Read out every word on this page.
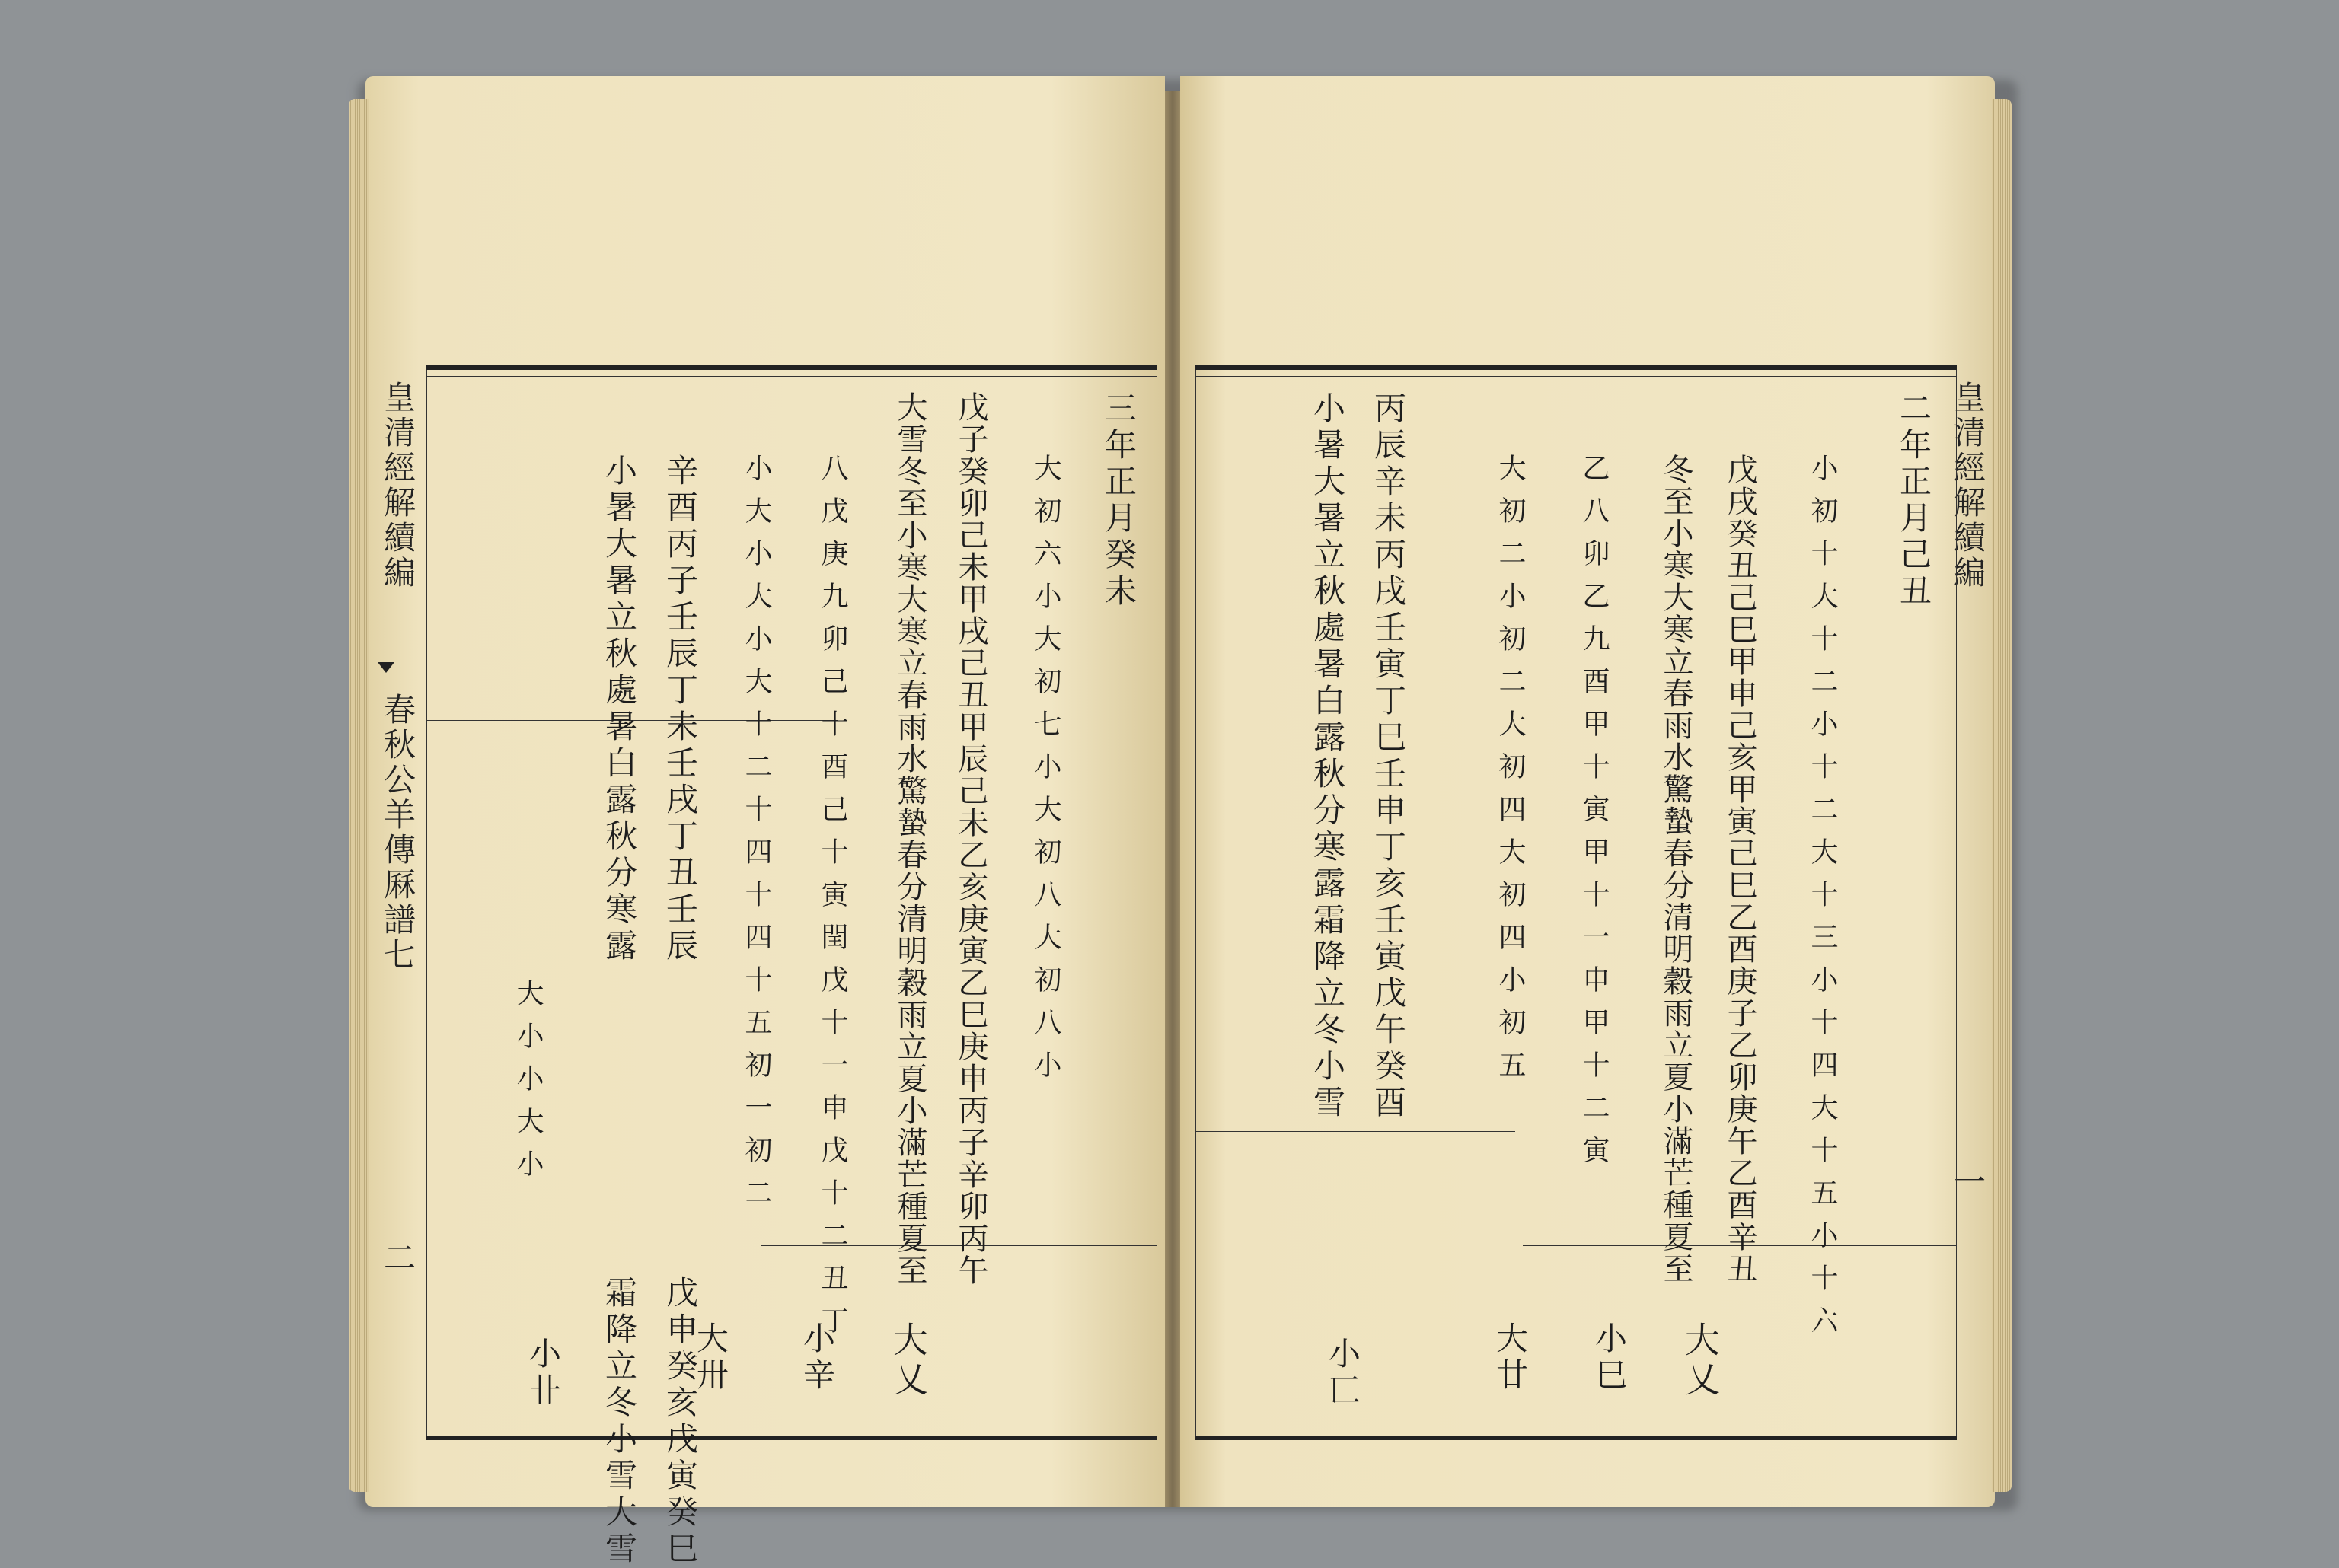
皇清經解續編
春秋公羊傳厤譜七
二
三年正月癸未
大初六小大初七小大初八大初八小
戊子癸卯己未甲戌己丑甲辰己未乙亥庚寅乙巳庚申丙子辛卯丙午
大雪冬至小寒大寒立春雨水驚蟄春分清明穀雨立夏小滿芒種夏至
八戊庚九卯己十酉己十寅閏戊十一申戊十二丑丁
小大小大小大十二十四十四十五初一初二
辛酉丙子壬辰丁未壬戌丁丑壬辰
小暑大暑立秋處暑白露秋分寒露
戊申癸亥戊寅癸巳
霜降立冬小雪大雪
大小小大小
大乂
小辛
大卅
小卝
皇清經解續編
一
二年正月己丑
小初十大十二小十二大十三小十四大十五小十六
戊戌癸丑己巳甲申己亥甲寅己巳乙酉庚子乙卯庚午乙酉辛丑
冬至小寒大寒立春雨水驚蟄春分清明穀雨立夏小滿芒種夏至
乙八卯乙九酉甲十寅甲十一申甲十二寅
大初二小初二大初四大初四小初五
丙辰辛未丙戌壬寅丁巳壬申丁亥壬寅戊午癸酉
小暑大暑立秋處暑白露秋分寒露霜降立冬小雪
大乂
小巳
大廿
小匸
